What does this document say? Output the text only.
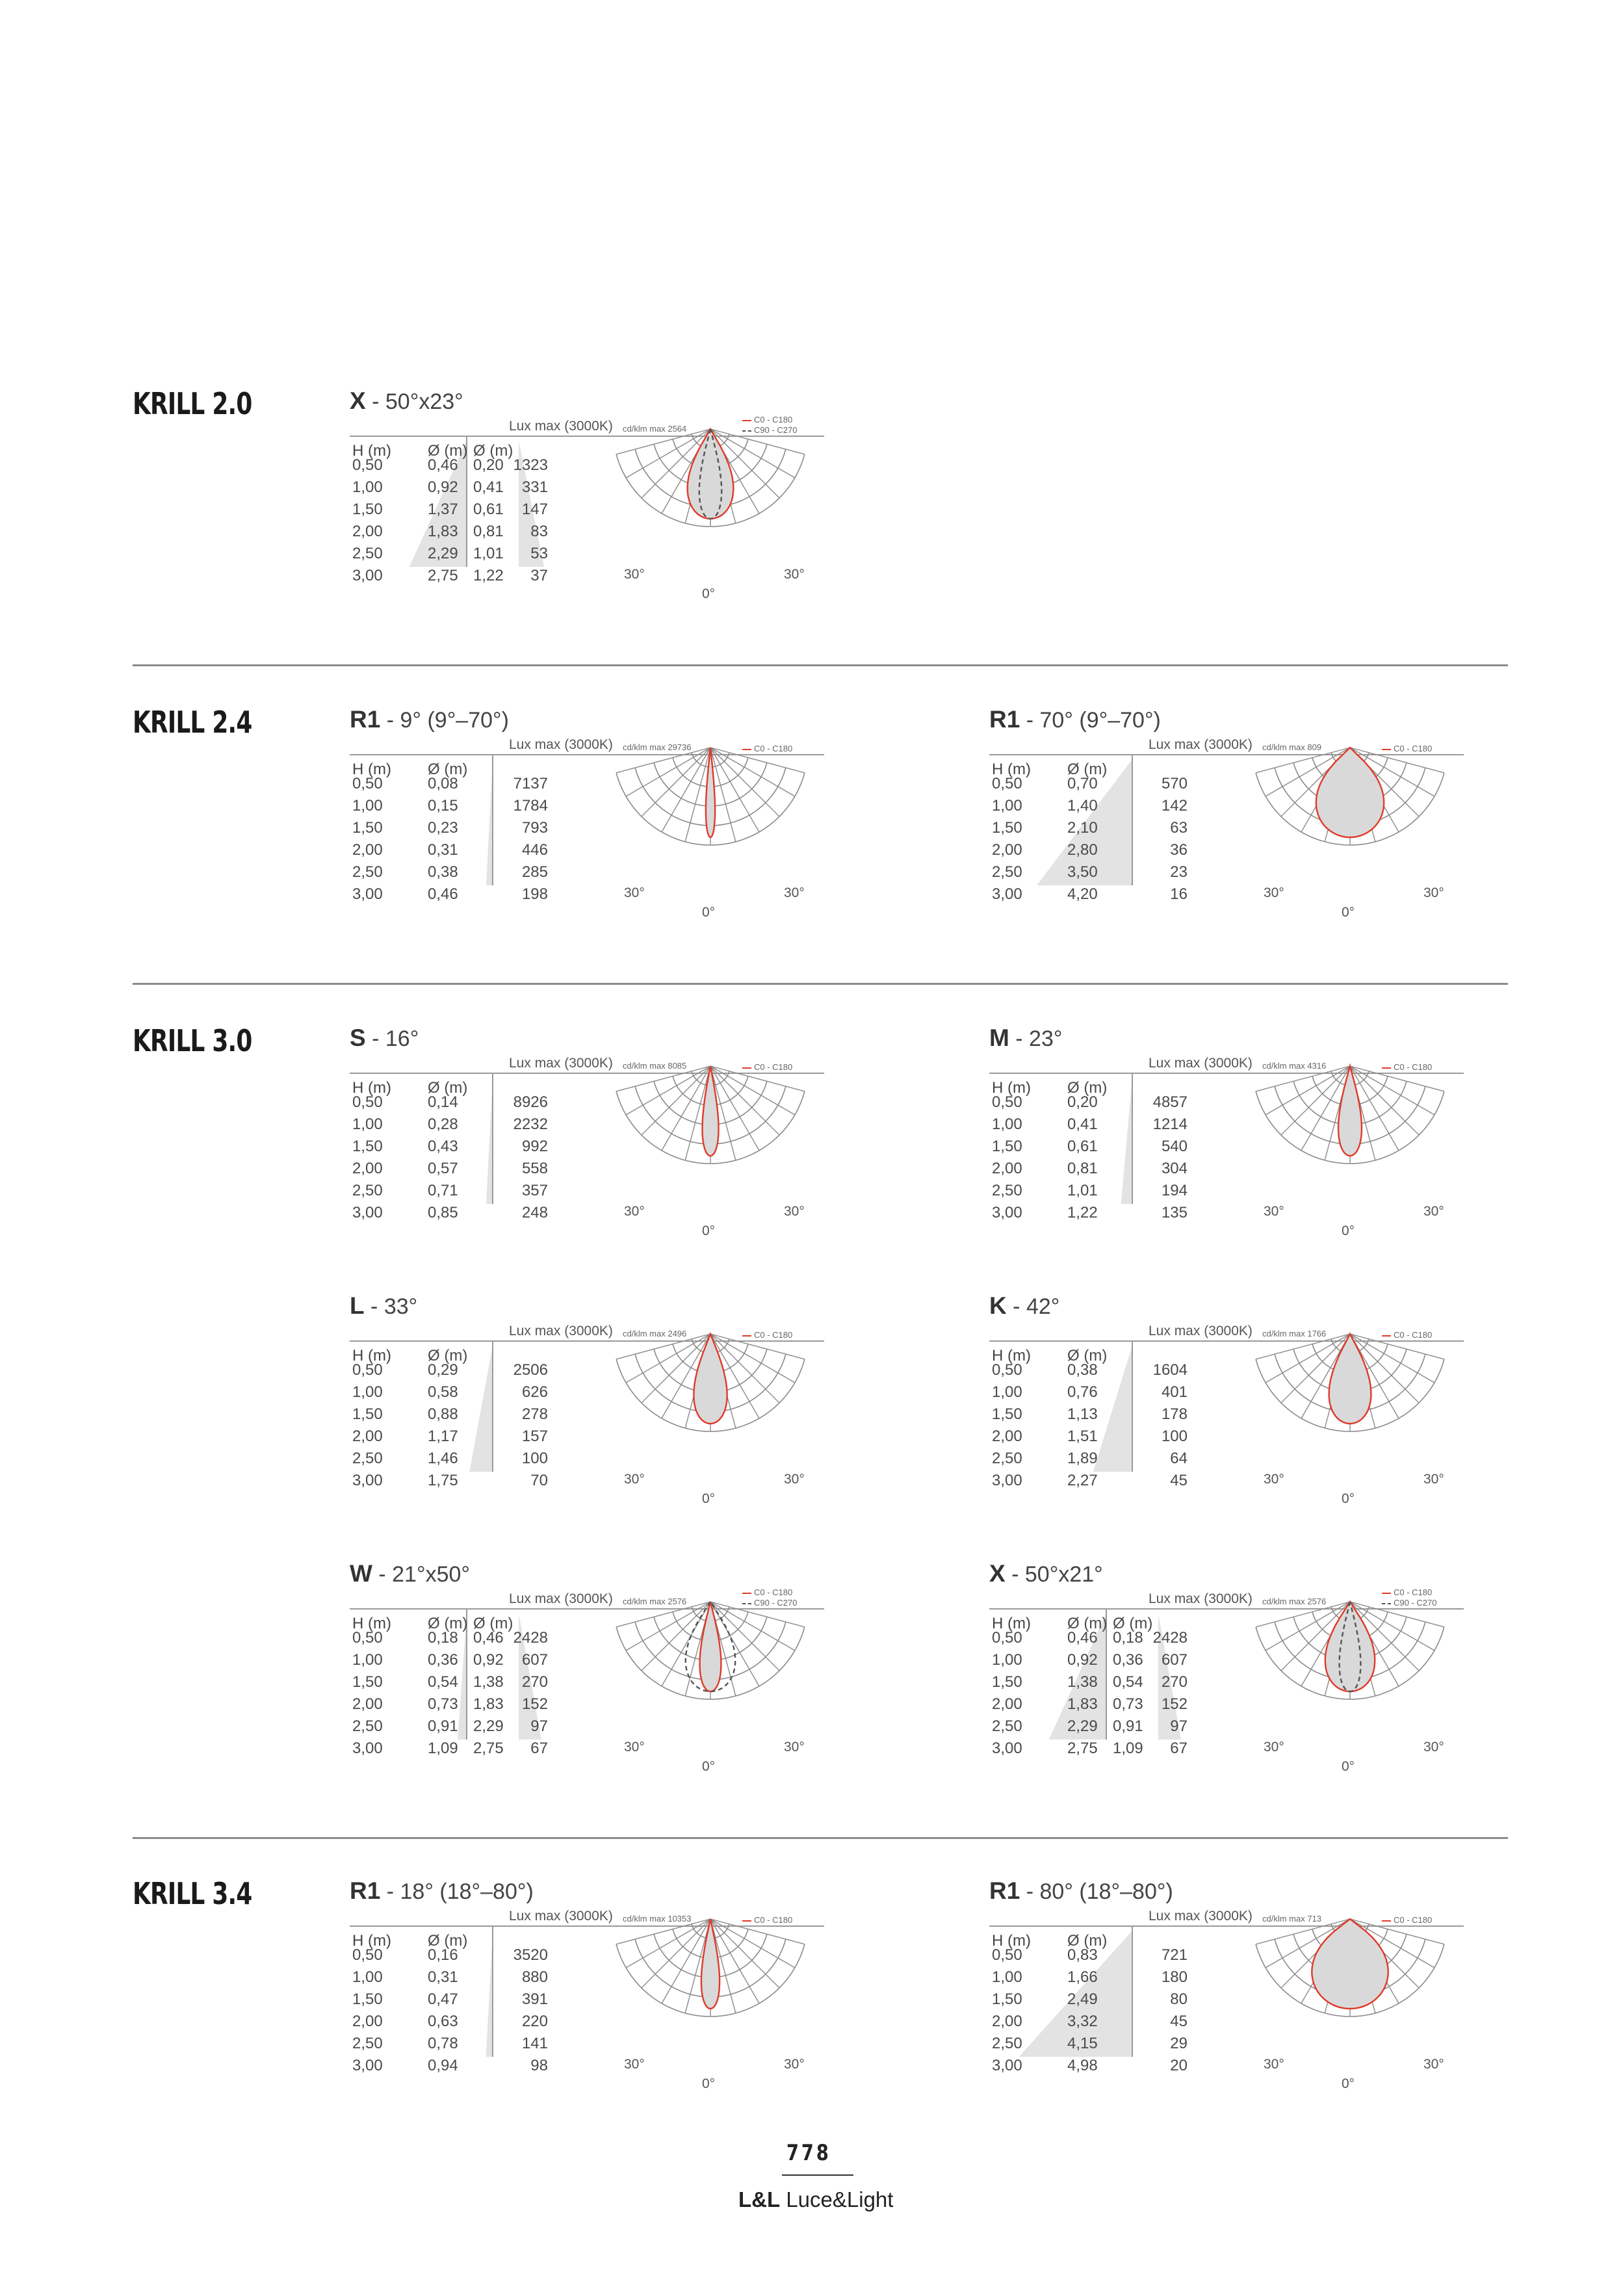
KRILL 2.0
KRILL 2.4
KRILL 3.0
KRILL 3.4
X - 50°x23°
Lux max (3000K) cd/klm max 2564
C0 - C180
C90 - C270
H (m) Ø (m) Ø (m)
0,50	0,46 0,20 1323
1,00	0,92 0,41	331
1,50	1,37 0,61	147
2,00	1,83 0,81	83
2,50	2,29 1,01	53
3,00	2,75 1,22	37	30°	30°
0°
R1 - 9° (9°–70°)
Lux max (3000K) cd/klm max 29736	C0 - C180
H (m) Ø (m)
0,50	0,08	7137
1,00	0,15	1784
1,50	0,23	793
2,00	0,31	446
2,50	0,38	285
3,00	0,46	198	30°	30°
0°
R1 - 70° (9°–70°)
Lux max (3000K) cd/klm max 809	C0 - C180
H (m) Ø (m)
0,50	0,70	570
1,00	1,40	142
1,50	2,10	63
2,00	2,80	36
2,50	3,50	23
3,00	4,20	16	30°	30°
0°
S - 16°
Lux max (3000K) cd/klm max 8085	C0 - C180
H (m) Ø (m)
0,50	0,14	8926
1,00	0,28	2232
1,50	0,43	992
2,00	0,57	558
2,50	0,71	357
3,00	0,85	248	30°	30°
0°
M - 23°
Lux max (3000K) cd/klm max 4316	C0 - C180
H (m) Ø (m)
0,50	0,20	4857
1,00	0,41	1214
1,50	0,61	540
2,00	0,81	304
2,50	1,01	194
3,00	1,22	135	30°	30°
0°
L - 33°
Lux max (3000K) cd/klm max 2496	C0 - C180
H (m) Ø (m)
0,50	0,29	2506
1,00	0,58	626
1,50	0,88	278
2,00	1,17	157
2,50	1,46	100
3,00	1,75	70	30°	30°
0°
K - 42°
Lux max (3000K) cd/klm max 1766	C0 - C180
H (m) Ø (m)
0,50	0,38	1604
1,00	0,76	401
1,50	1,13	178
2,00	1,51	100
2,50	1,89	64
3,00	2,27	45	30°	30°
0°
W - 21°x50°
Lux max (3000K) cd/klm max 2576
C0 - C180
C90 - C270
H (m) Ø (m) Ø (m)
0,50	0,18 0,46 2428
1,00	0,36 0,92	607
1,50	0,54 1,38	270
2,00	0,73 1,83	152
2,50	0,91 2,29	97
3,00	1,09 2,75	67	30°	30°
0°
X - 50°x21°
Lux max (3000K) cd/klm max 2576
C0 - C180
C90 - C270
H (m) Ø (m) Ø (m)
0,50	0,46 0,18 2428
1,00	0,92 0,36	607
1,50	1,38 0,54	270
2,00	1,83 0,73	152
2,50	2,29 0,91	97
3,00	2,75 1,09	67	30°	30°
0°
R1 - 18° (18°–80°)
Lux max (3000K) cd/klm max 10353	C0 - C180
H (m) Ø (m)
0,50	0,16	3520
1,00	0,31	880
1,50	0,47	391
2,00	0,63	220
2,50	0,78	141
3,00	0,94	98	30°	30°
0°
R1 - 80° (18°–80°)
Lux max (3000K) cd/klm max 713	C0 - C180
H (m) Ø (m)
0,50	0,83	721
1,00	1,66	180
1,50	2,49	80
2,00	3,32	45
2,50	4,15	29
3,00	4,98	20	30°	30°
0°
778
L&L Luce&Light
